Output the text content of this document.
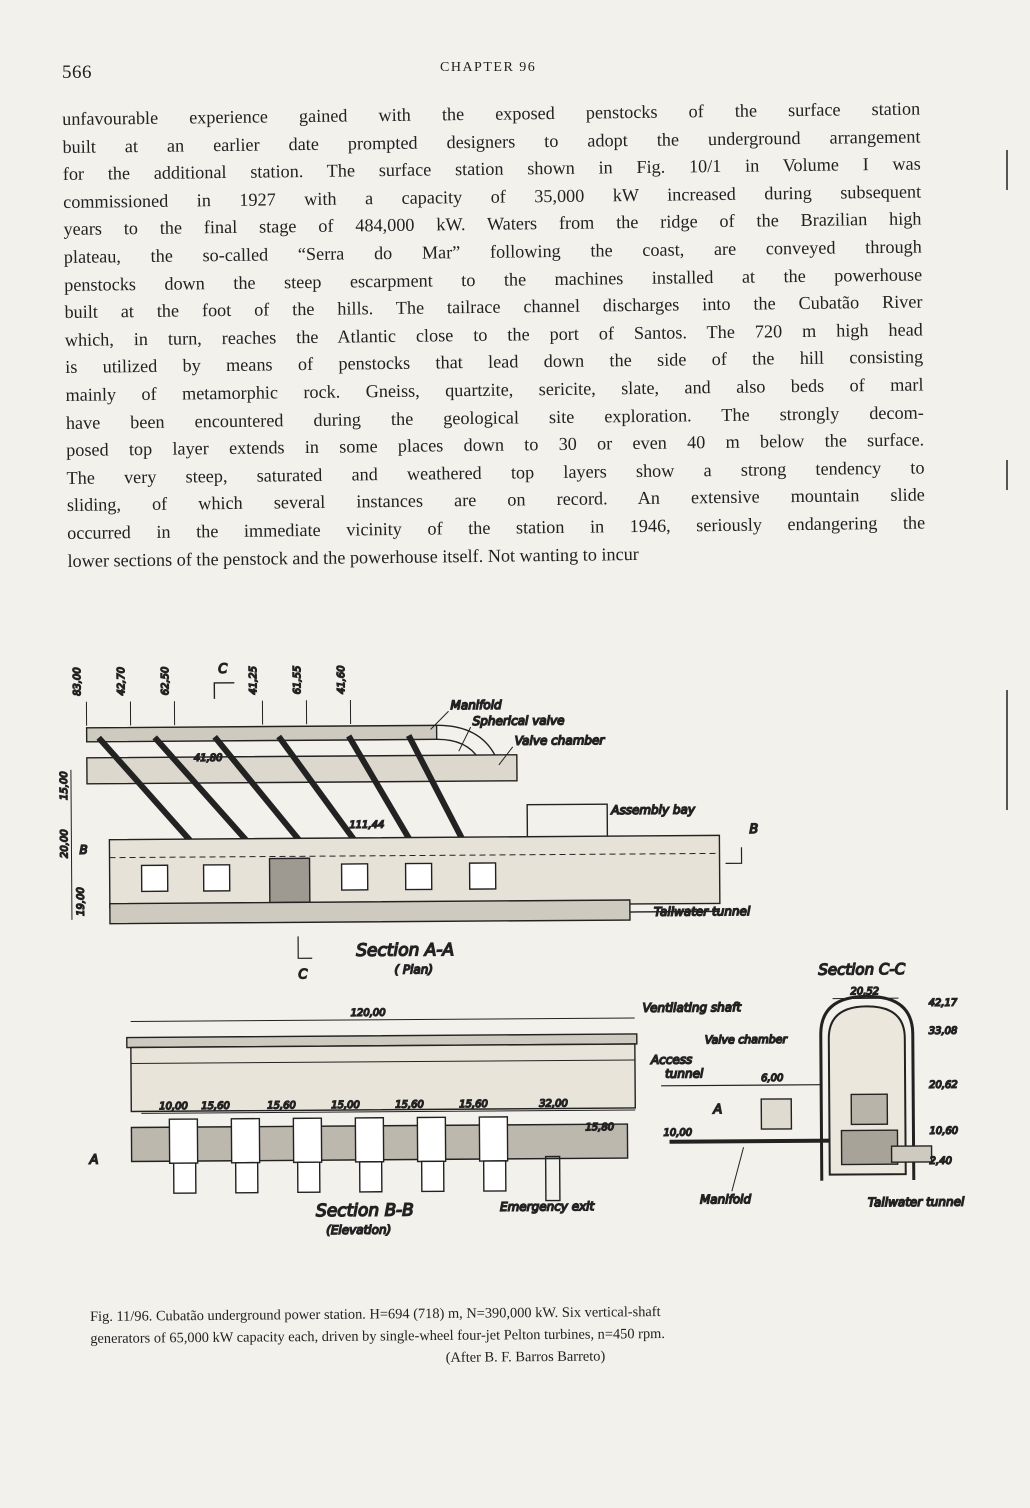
566	CHAPTER 96
unfavourable experience gained with the exposed penstocks of the surface station
built at an earlier date prompted designers to adopt the underground arrangement
for the additional station. The surface station shown in Fig. 10/1 in Volume I was
commissioned in 1927 with a capacity of 35,000 kW increased during subsequent
years to the final stage of 484,000 kW. Waters from the ridge of the Brazilian high
plateau, the so-called “Serra do Mar” following the coast, are conveyed through
penstocks down the steep escarpment to the machines installed at the powerhouse
built at the foot of the hills. The tailrace channel discharges into the Cubatão River
which, in turn, reaches the Atlantic close to the port of Santos. The 720 m high head
is utilized by means of penstocks that lead down the side of the hill consisting
mainly of metamorphic rock. Gneiss, quartzite, sericite, slate, and also beds of marl
have been encountered during the geological site exploration. The strongly decom-
posed top layer extends in some places down to 30 or even 40 m below the surface.
The very steep, saturated and weathered top layers show a strong tendency to
sliding, of which several instances are on record. An extensive mountain slide
occurred in the immediate vicinity of the station in 1946, seriously endangering the
lower sections of the penstock and the powerhouse itself. Not wanting to incur
83,00	42,70	62,50	41,25	61,55	41,60
C
41,80
111,44
15,00
20,00
19,00
B
B
C
Manifold
Spherical valve
Valve chamber
Assembly bay
Tailwater tunnel
Section A-A
( Plan)
120,00	Ventilating shaft
10,00 15,60	15,60	15,00	15,60	15,60	32,00
15,80
A
Section B-B
(Elevation)
Emergency exit
Valve chamber
Access
tunnel	6,00
10,00
A
Manifold
Section C-C
20,52
42,17
33,08
20,62
10,60
2,40
Tailwater tunnel
Fig. 11/96. Cubatão underground power station. H=694 (718) m, N=390,000 kW. Six vertical-shaft
generators of 65,000 kW capacity each, driven by single-wheel four-jet Pelton turbines, n=450 rpm.
(After B. F. Barros Barreto)
